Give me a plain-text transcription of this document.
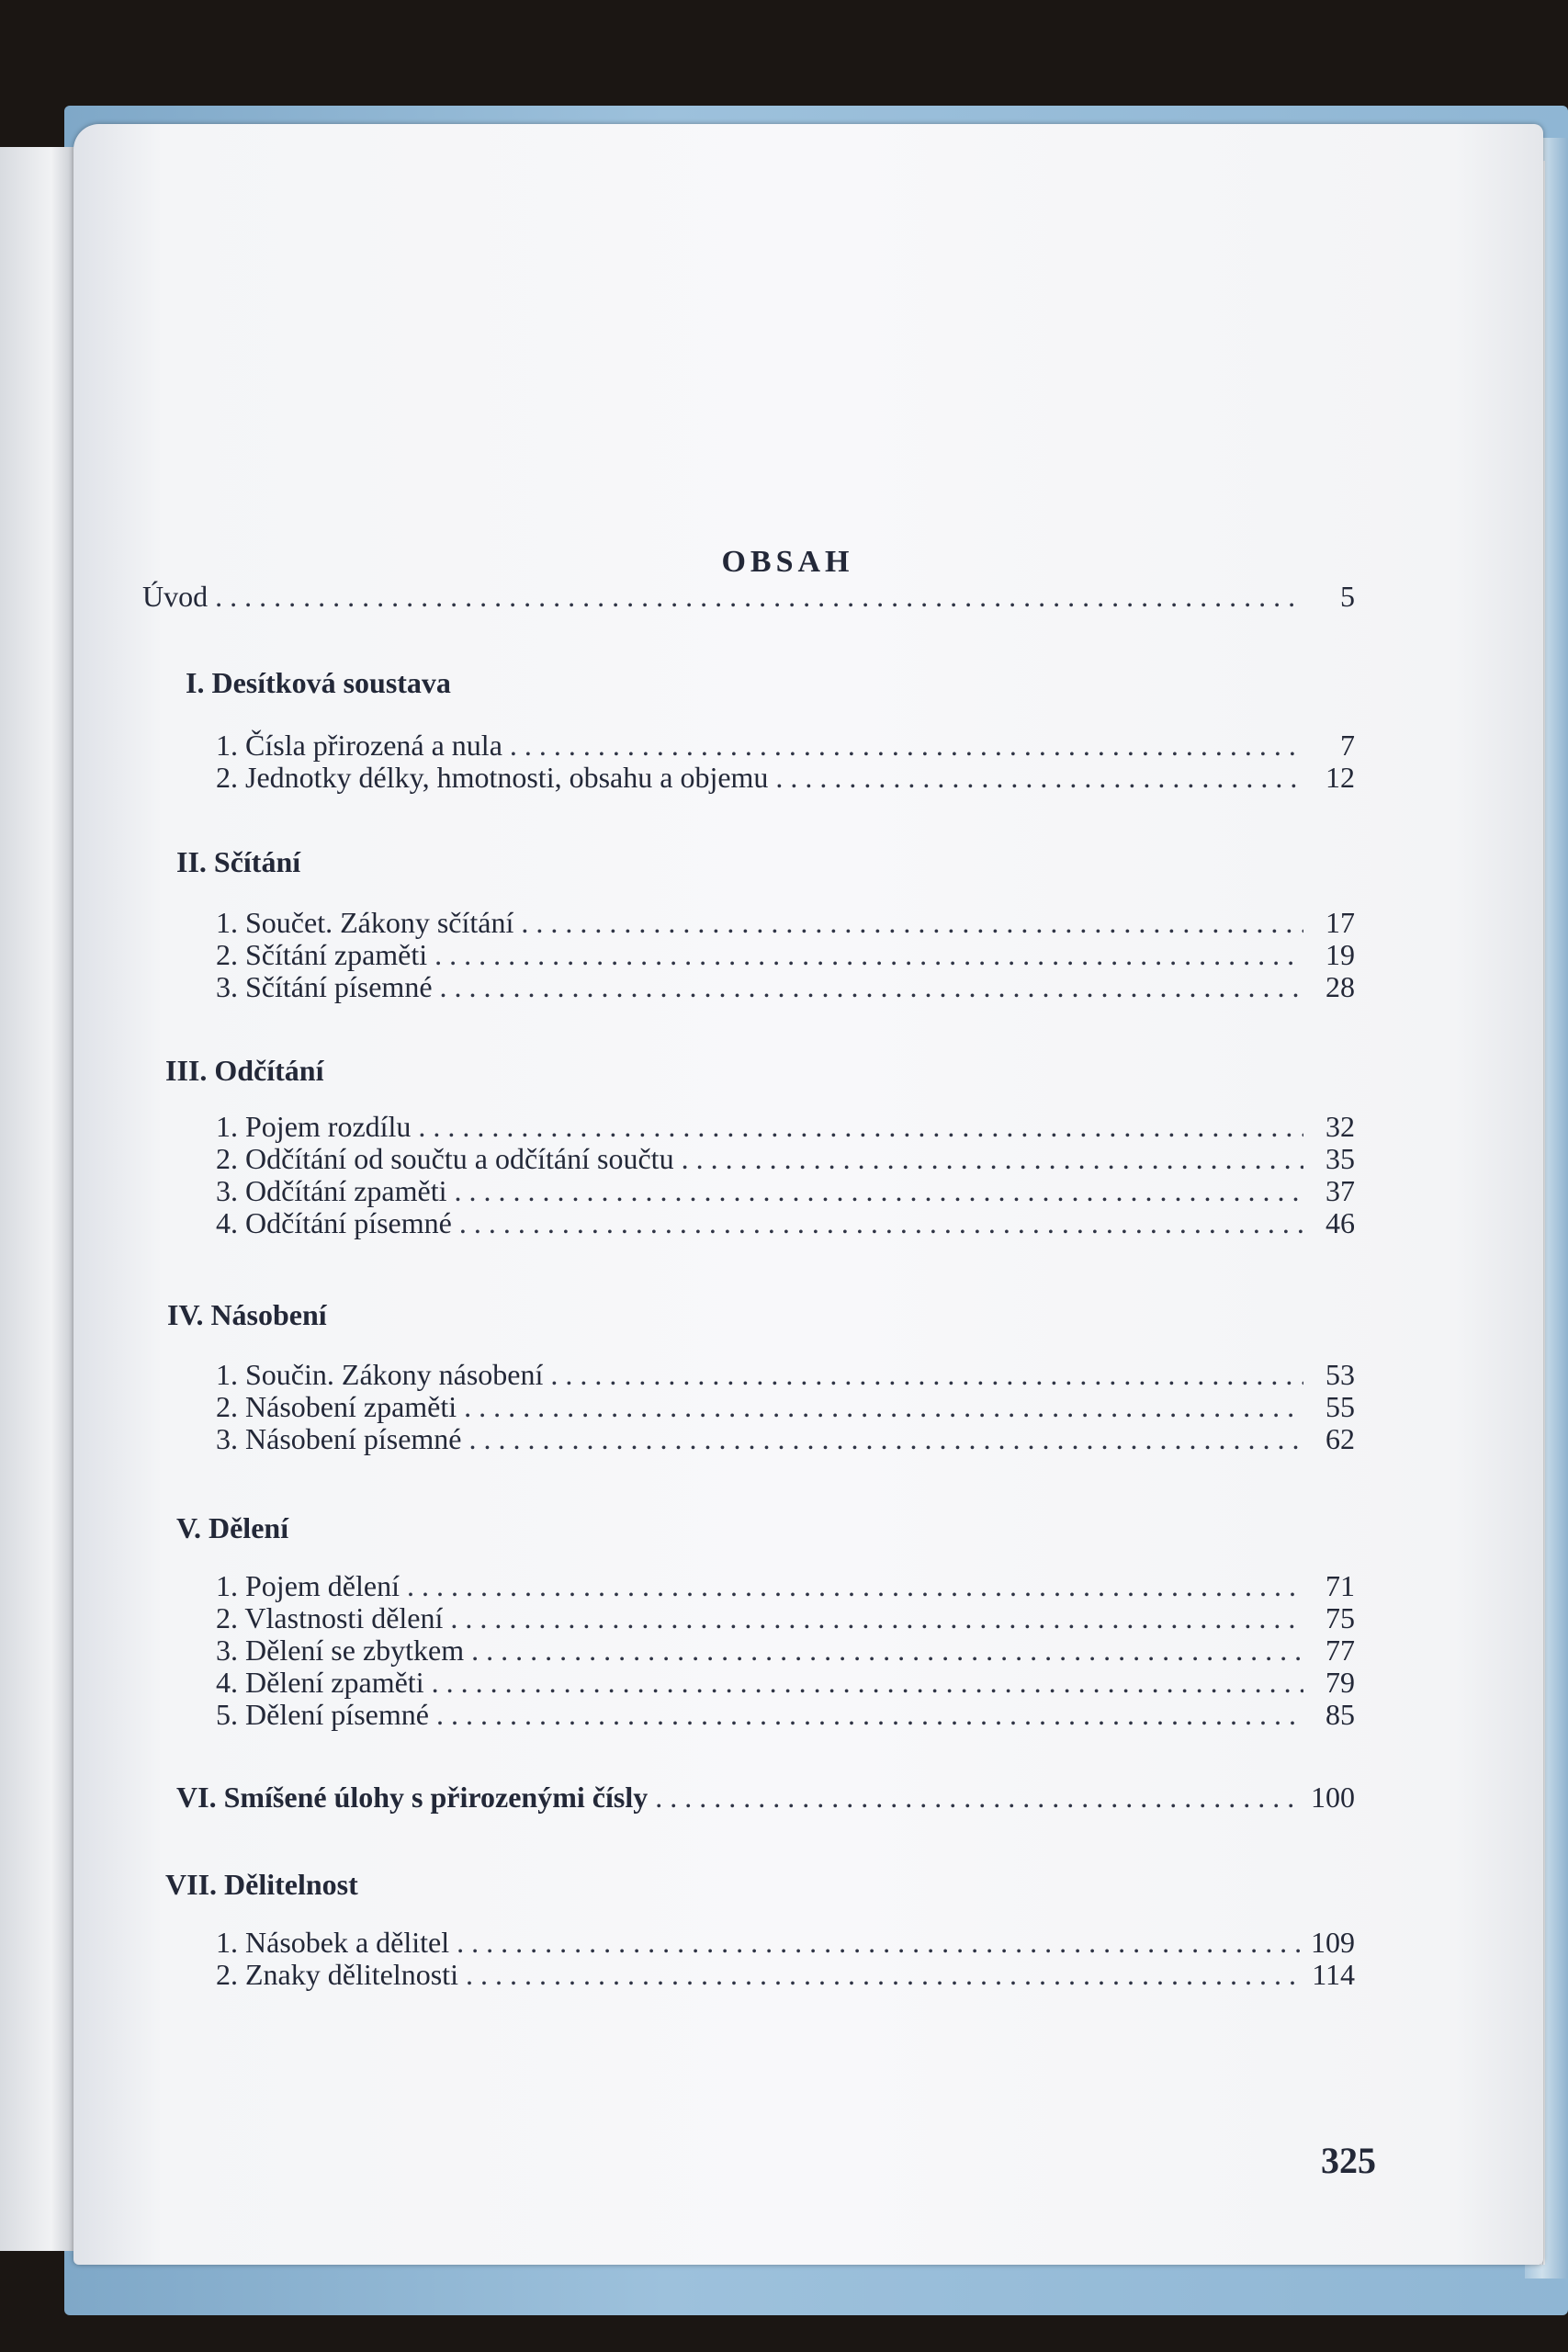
OBSAH
Úvod . . .	5
I. Desítková soustava
1. Čísla přirozená a nula . . .	7
2. Jednotky délky, hmotnosti, obsahu a objemu . . .	12
II. Sčítání
1. Součet. Zákony sčítání . . .	17
2. Sčítání zpaměti . . .	19
3. Sčítání písemné . . .	28
III. Odčítání
1. Pojem rozdílu . . .	32
2. Odčítání od součtu a odčítání součtu . . .	35
3. Odčítání zpaměti . . .	37
4. Odčítání písemné . . .	46
IV. Násobení
1. Součin. Zákony násobení . . .	53
2. Násobení zpaměti . . .	55
3. Násobení písemné . . .	62
V. Dělení
1. Pojem dělení . . .	71
2. Vlastnosti dělení . . .	75
3. Dělení se zbytkem . . .	77
4. Dělení zpaměti . . .	79
5. Dělení písemné . . .	85
VI. Smíšené úlohy s přirozenými čísly . . .	100
VII. Dělitelnost
1. Násobek a dělitel . . .	109
2. Znaky dělitelnosti . . .	114
325
